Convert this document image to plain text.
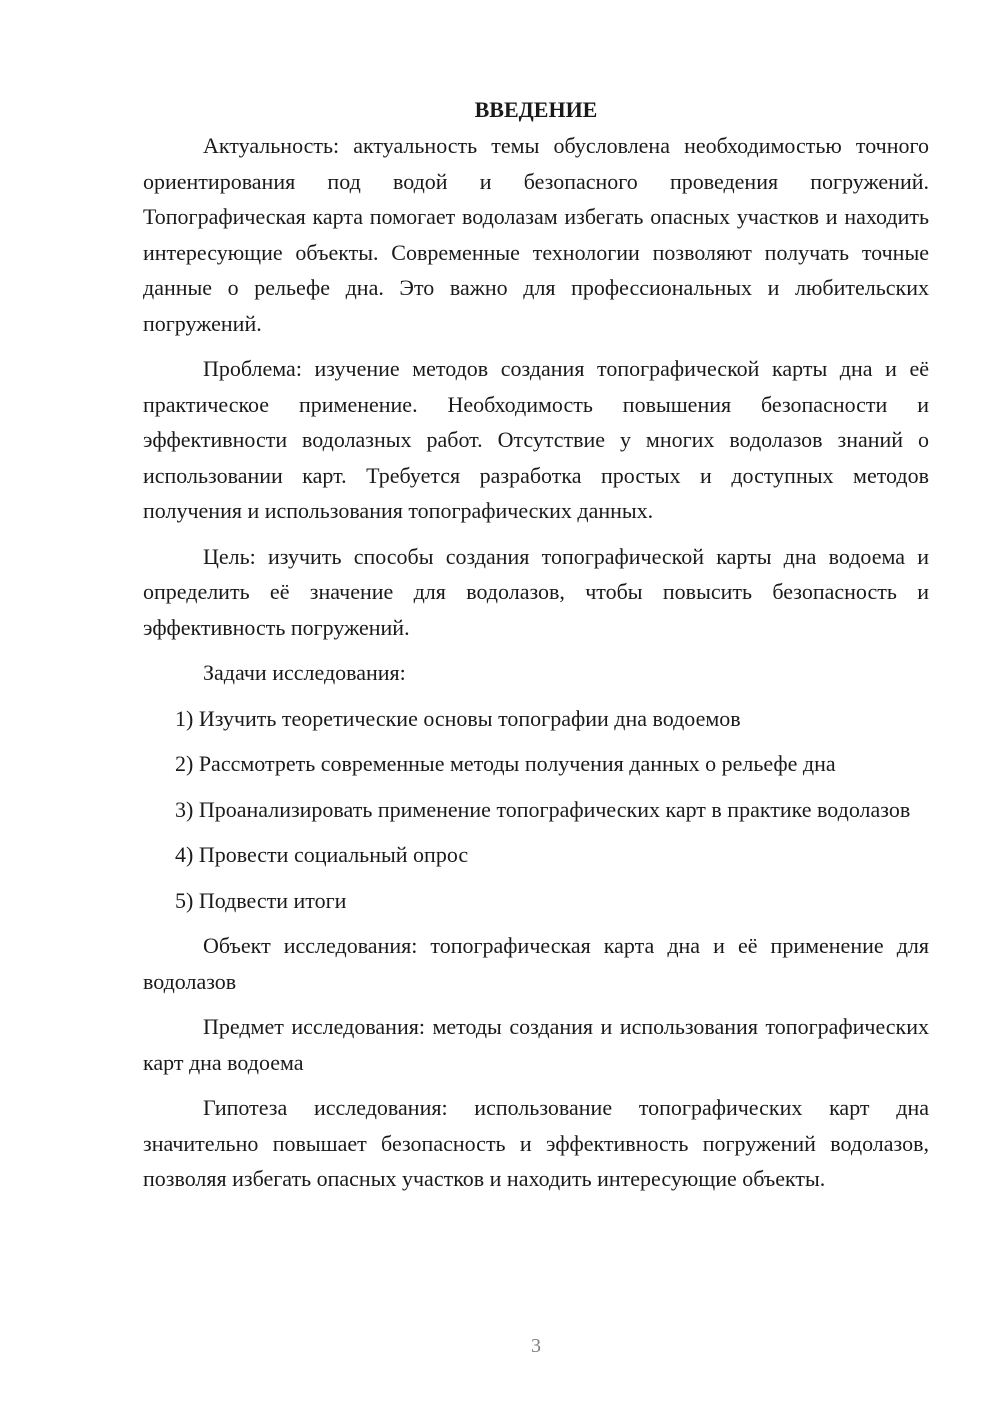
ВВЕДЕНИЕ

Актуальность: актуальность темы обусловлена необходимостью точного ориентирования под водой и безопасного проведения погружений. Топографическая карта помогает водолазам избегать опасных участков и находить интересующие объекты. Современные технологии позволяют получать точные данные о рельефе дна. Это важно для профессиональных и любительских погружений.

Проблема: изучение методов создания топографической карты дна и её практическое применение. Необходимость повышения безопасности и эффективности водолазных работ. Отсутствие у многих водолазов знаний о использовании карт. Требуется разработка простых и доступных методов получения и использования топографических данных.

Цель: изучить способы создания топографической карты дна водоема и определить её значение для водолазов, чтобы повысить безопасность и эффективность погружений.

Задачи исследования:

1) Изучить теоретические основы топографии дна водоемов

2) Рассмотреть современные методы получения данных о рельефе дна

3) Проанализировать применение топографических карт в практике водолазов

4) Провести социальный опрос

5) Подвести итоги

Объект исследования: топографическая карта дна и её применение для водолазов

Предмет исследования: методы создания и использования топографических карт дна водоема

Гипотеза исследования: использование топографических карт дна значительно повышает безопасность и эффективность погружений водолазов, позволяя избегать опасных участков и находить интересующие объекты.

3
